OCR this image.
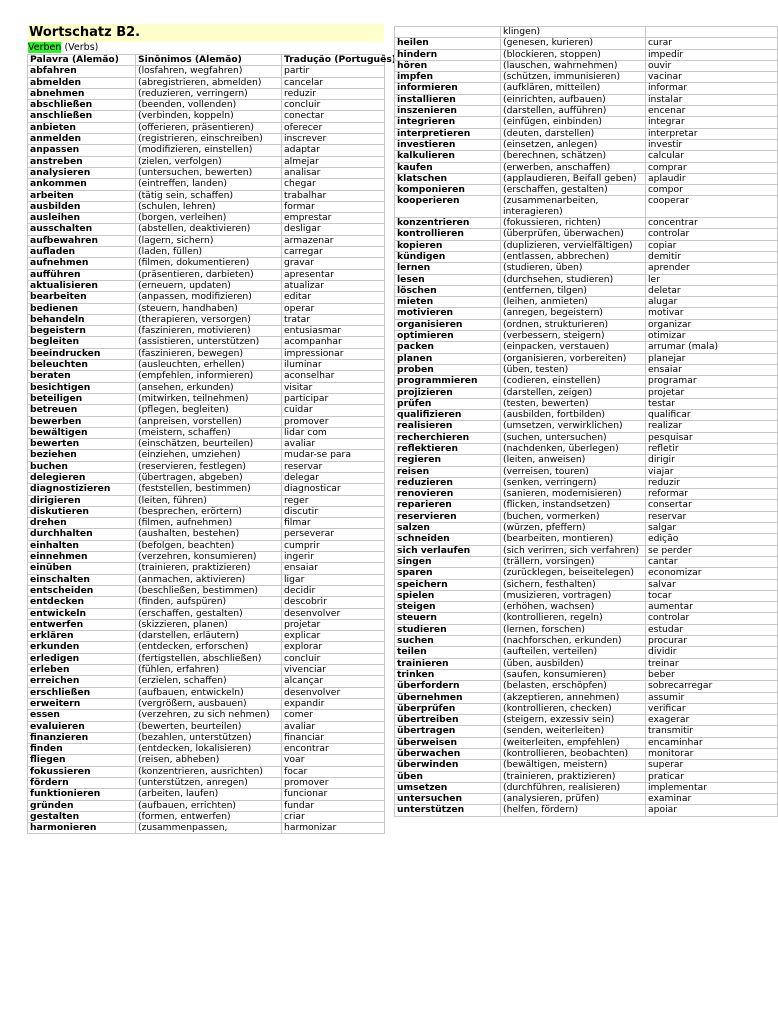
Wortschatz B2.
Verben (Verbs)
Palavra (Alemão)	Sinônimos (Alemão)	Tradução (Português)
abfahren	(losfahren, wegfahren)	partir
abmelden	(abregistrieren, abmelden)	cancelar
abnehmen	(reduzieren, verringern)	reduzir
abschließen	(beenden, vollenden)	concluir
anschließen	(verbinden, koppeln)	conectar
anbieten	(offerieren, präsentieren)	oferecer
anmelden	(registrieren, einschreiben)	inscrever
anpassen	(modifizieren, einstellen)	adaptar
anstreben	(zielen, verfolgen)	almejar
analysieren	(untersuchen, bewerten)	analisar
ankommen	(eintreffen, landen)	chegar
arbeiten	(tätig sein, schaffen)	trabalhar
ausbilden	(schulen, lehren)	formar
ausleihen	(borgen, verleihen)	emprestar
ausschalten	(abstellen, deaktivieren)	desligar
aufbewahren	(lagern, sichern)	armazenar
aufladen	(laden, füllen)	carregar
aufnehmen	(filmen, dokumentieren)	gravar
aufführen	(präsentieren, darbieten)	apresentar
aktualisieren	(erneuern, updaten)	atualizar
bearbeiten	(anpassen, modifizieren)	editar
bedienen	(steuern, handhaben)	operar
behandeln	(therapieren, versorgen)	tratar
begeistern	(faszinieren, motivieren)	entusiasmar
begleiten	(assistieren, unterstützen)	acompanhar
beeindrucken	(faszinieren, bewegen)	impressionar
beleuchten	(ausleuchten, erhellen)	iluminar
beraten	(empfehlen, informieren)	aconselhar
besichtigen	(ansehen, erkunden)	visitar
beteiligen	(mitwirken, teilnehmen)	participar
betreuen	(pflegen, begleiten)	cuidar
bewerben	(anpreisen, vorstellen)	promover
bewältigen	(meistern, schaffen)	lidar com
bewerten	(einschätzen, beurteilen)	avaliar
beziehen	(einziehen, umziehen)	mudar-se para
buchen	(reservieren, festlegen)	reservar
delegieren	(übertragen, abgeben)	delegar
diagnostizieren	(feststellen, bestimmen)	diagnosticar
dirigieren	(leiten, führen)	reger
diskutieren	(besprechen, erörtern)	discutir
drehen	(filmen, aufnehmen)	filmar
durchhalten	(aushalten, bestehen)	perseverar
einhalten	(befolgen, beachten)	cumprir
einnehmen	(verzehren, konsumieren)	ingerir
einüben	(trainieren, praktizieren)	ensaiar
einschalten	(anmachen, aktivieren)	ligar
entscheiden	(beschließen, bestimmen)	decidir
entdecken	(finden, aufspüren)	descobrir
entwickeln	(erschaffen, gestalten)	desenvolver
entwerfen	(skizzieren, planen)	projetar
erklären	(darstellen, erläutern)	explicar
erkunden	(entdecken, erforschen)	explorar
erledigen	(fertigstellen, abschließen)	concluir
erleben	(fühlen, erfahren)	vivenciar
erreichen	(erzielen, schaffen)	alcançar
erschließen	(aufbauen, entwickeln)	desenvolver
erweitern	(vergrößern, ausbauen)	expandir
essen	(verzehren, zu sich nehmen)	comer
evaluieren	(bewerten, beurteilen)	avaliar
finanzieren	(bezahlen, unterstützen)	financiar
finden	(entdecken, lokalisieren)	encontrar
fliegen	(reisen, abheben)	voar
fokussieren	(konzentrieren, ausrichten)	focar
fördern	(unterstützen, anregen)	promover
funktionieren	(arbeiten, laufen)	funcionar
gründen	(aufbauen, errichten)	fundar
gestalten	(formen, entwerfen)	criar
harmonieren	(zusammenpassen,	harmonizar
	klingen)	
heilen	(genesen, kurieren)	curar
hindern	(blockieren, stoppen)	impedir
hören	(lauschen, wahrnehmen)	ouvir
impfen	(schützen, immunisieren)	vacinar
informieren	(aufklären, mitteilen)	informar
installieren	(einrichten, aufbauen)	instalar
inszenieren	(darstellen, aufführen)	encenar
integrieren	(einfügen, einbinden)	integrar
interpretieren	(deuten, darstellen)	interpretar
investieren	(einsetzen, anlegen)	investir
kalkulieren	(berechnen, schätzen)	calcular
kaufen	(erwerben, anschaffen)	comprar
klatschen	(applaudieren, Beifall geben)	aplaudir
komponieren	(erschaffen, gestalten)	compor
kooperieren	(zusammenarbeiten, interagieren)	cooperar
konzentrieren	(fokussieren, richten)	concentrar
kontrollieren	(überprüfen, überwachen)	controlar
kopieren	(duplizieren, vervielfältigen)	copiar
kündigen	(entlassen, abbrechen)	demitir
lernen	(studieren, üben)	aprender
lesen	(durchsehen, studieren)	ler
löschen	(entfernen, tilgen)	deletar
mieten	(leihen, anmieten)	alugar
motivieren	(anregen, begeistern)	motivar
organisieren	(ordnen, strukturieren)	organizar
optimieren	(verbessern, steigern)	otimizar
packen	(einpacken, verstauen)	arrumar (mala)
planen	(organisieren, vorbereiten)	planejar
proben	(üben, testen)	ensaiar
programmieren	(codieren, einstellen)	programar
projizieren	(darstellen, zeigen)	projetar
prüfen	(testen, bewerten)	testar
qualifizieren	(ausbilden, fortbilden)	qualificar
realisieren	(umsetzen, verwirklichen)	realizar
recherchieren	(suchen, untersuchen)	pesquisar
reflektieren	(nachdenken, überlegen)	refletir
regieren	(leiten, anweisen)	dirigir
reisen	(verreisen, touren)	viajar
reduzieren	(senken, verringern)	reduzir
renovieren	(sanieren, modernisieren)	reformar
reparieren	(flicken, instandsetzen)	consertar
reservieren	(buchen, vormerken)	reservar
salzen	(würzen, pfeffern)	salgar
schneiden	(bearbeiten, montieren)	edição
sich verlaufen	(sich verirren, sich verfahren)	se perder
singen	(trällern, vorsingen)	cantar
sparen	(zurücklegen, beiseitelegen)	economizar
speichern	(sichern, festhalten)	salvar
spielen	(musizieren, vortragen)	tocar
steigen	(erhöhen, wachsen)	aumentar
steuern	(kontrollieren, regeln)	controlar
studieren	(lernen, forschen)	estudar
suchen	(nachforschen, erkunden)	procurar
teilen	(aufteilen, verteilen)	dividir
trainieren	(üben, ausbilden)	treinar
trinken	(saufen, konsumieren)	beber
überfordern	(belasten, erschöpfen)	sobrecarregar
übernehmen	(akzeptieren, annehmen)	assumir
überprüfen	(kontrollieren, checken)	verificar
übertreiben	(steigern, exzessiv sein)	exagerar
übertragen	(senden, weiterleiten)	transmitir
überweisen	(weiterleiten, empfehlen)	encaminhar
überwachen	(kontrollieren, beobachten)	monitorar
überwinden	(bewältigen, meistern)	superar
üben	(trainieren, praktizieren)	praticar
umsetzen	(durchführen, realisieren)	implementar
untersuchen	(analysieren, prüfen)	examinar
unterstützen	(helfen, fördern)	apoiar
